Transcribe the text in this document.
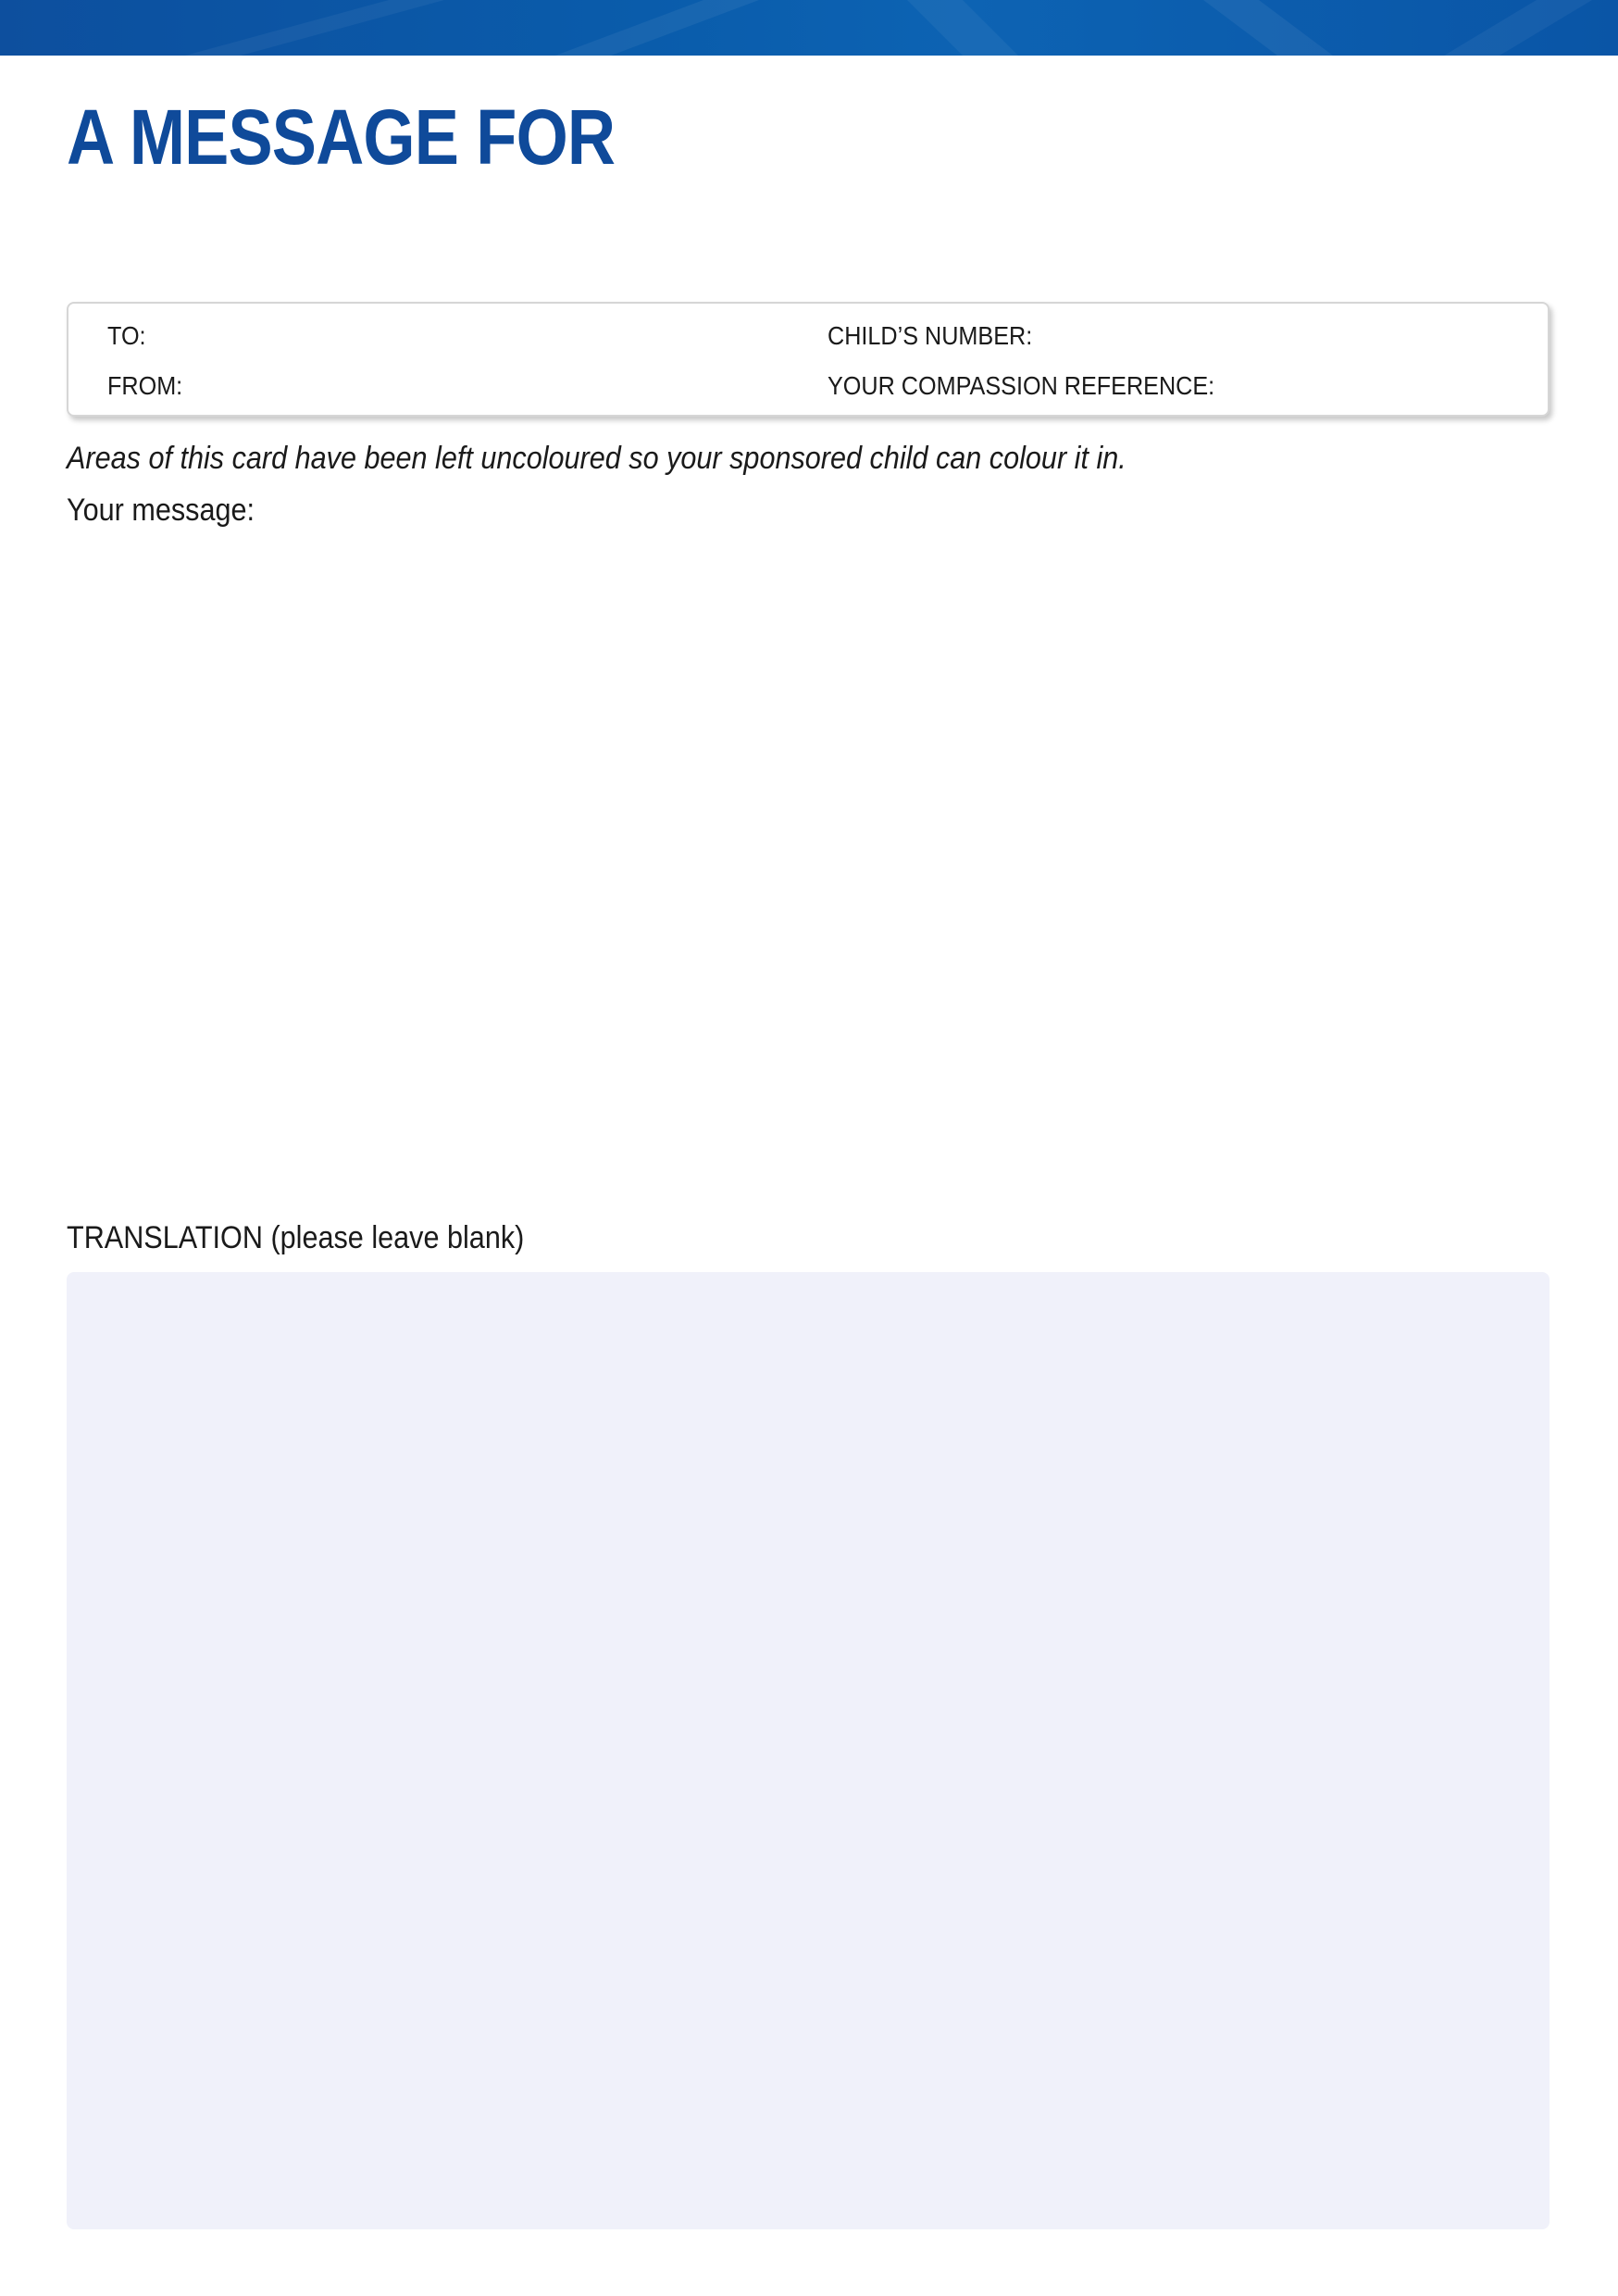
A MESSAGE FOR
TO:
FROM:
CHILD’S NUMBER:
YOUR COMPASSION REFERENCE:

Areas of this card have been left uncoloured so your sponsored child can colour it in.

Your message:

TRANSLATION (please leave blank)
